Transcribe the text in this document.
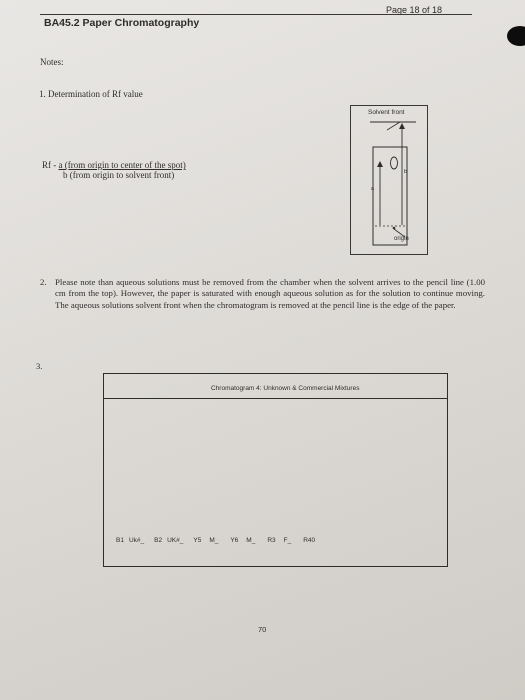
BA45.2 Paper Chromatography
Page 18 of 18
Notes:
1. Determination of Rf value
Rf - a (from origin to center of the spot)
b (from origin to solvent front)
Solvent front
origin
b
a
2. Please note than aqueous solutions must be removed from the chamber when the solvent arrives to the pencil line (1.00 cm from the top). However, the paper is saturated with enough aqueous solution as for the solution to continue moving. The aqueous solutions solvent front when the chromatogram is removed at the pencil line is the edge of the paper.
3.
Chromatogram 4: Unknown & Commercial Mixtures
B1 Uk#_ B2 UK#_ Y5 M_ Y6 M_ R3 F_ R40
70
